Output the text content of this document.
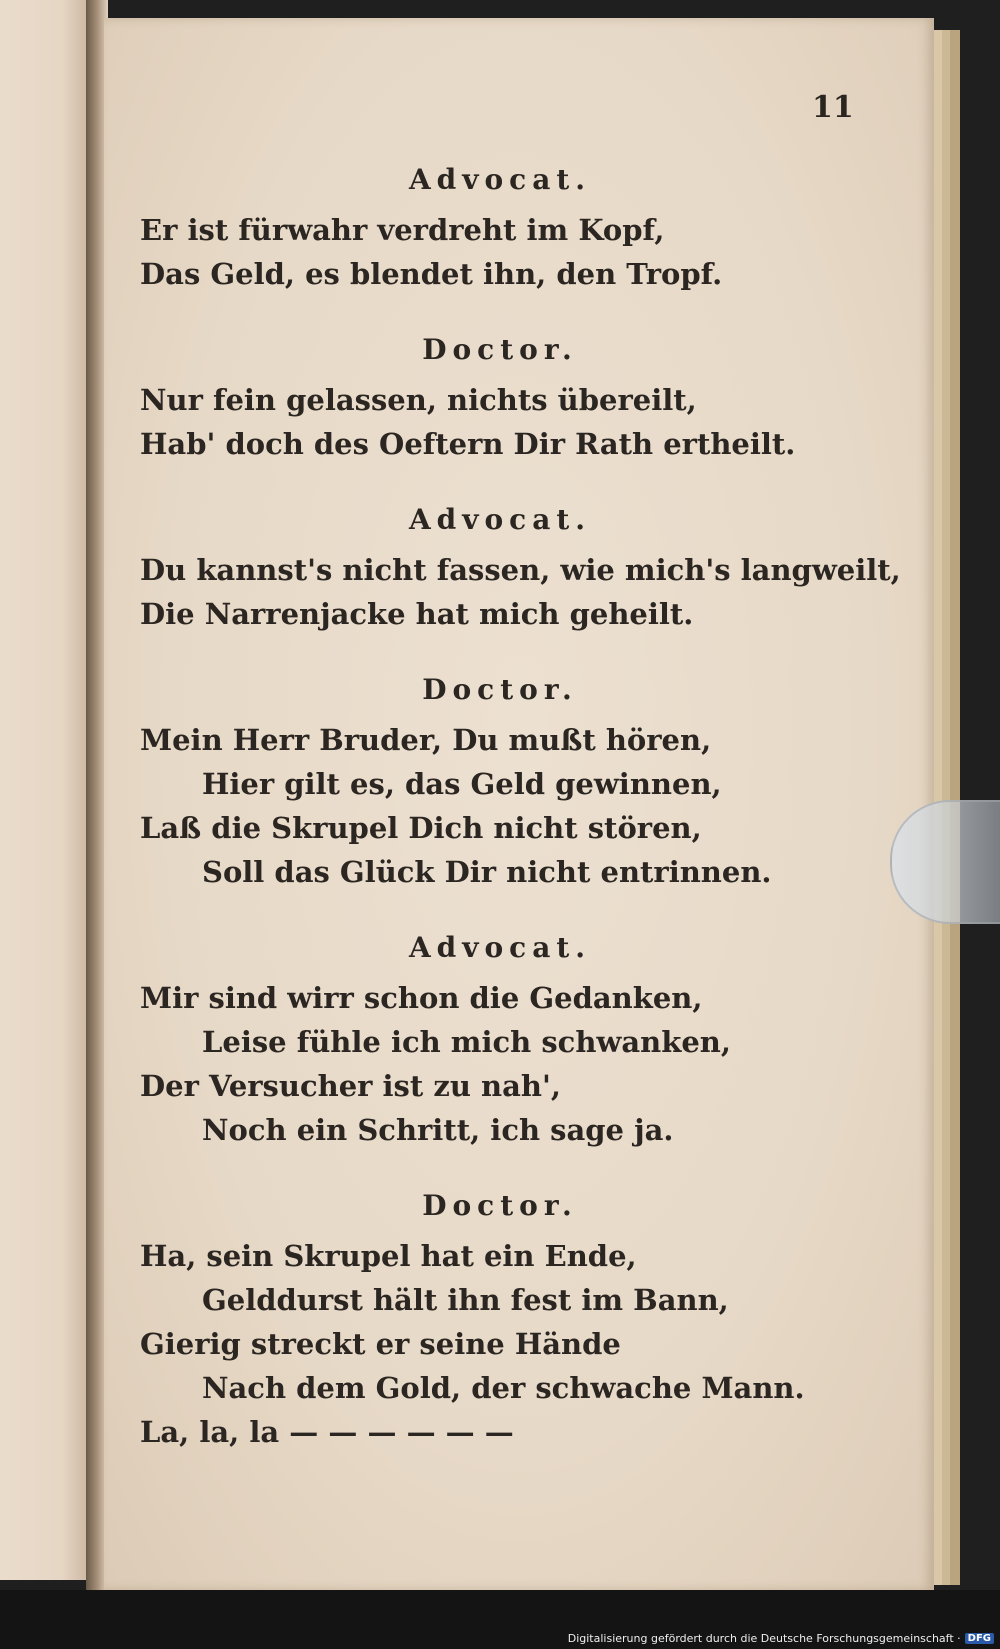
11

Advocat.

Er ist fürwahr verdreht im Kopf,

Das Geld, es blendet ihn, den Tropf.

Doctor.

Nur fein gelassen, nichts übereilt,

Hab' doch des Oeftern Dir Rath ertheilt.

Advocat.

Du kannst's nicht fassen, wie mich's langweilt,

Die Narrenjacke hat mich geheilt.

Doctor.

Mein Herr Bruder, Du mußt hören,

Hier gilt es, das Geld gewinnen,

Laß die Skrupel Dich nicht stören,

Soll das Glück Dir nicht entrinnen.

Advocat.

Mir sind wirr schon die Gedanken,

Leise fühle ich mich schwanken,

Der Versucher ist zu nah',

Noch ein Schritt, ich sage ja.

Doctor.

Ha, sein Skrupel hat ein Ende,

Gelddurst hält ihn fest im Bann,

Gierig streckt er seine Hände

Nach dem Gold, der schwache Mann.

La, la, la — — — — — —

Digitalisierung gefördert durch die Deutsche Forschungsgemeinschaft · DFG
